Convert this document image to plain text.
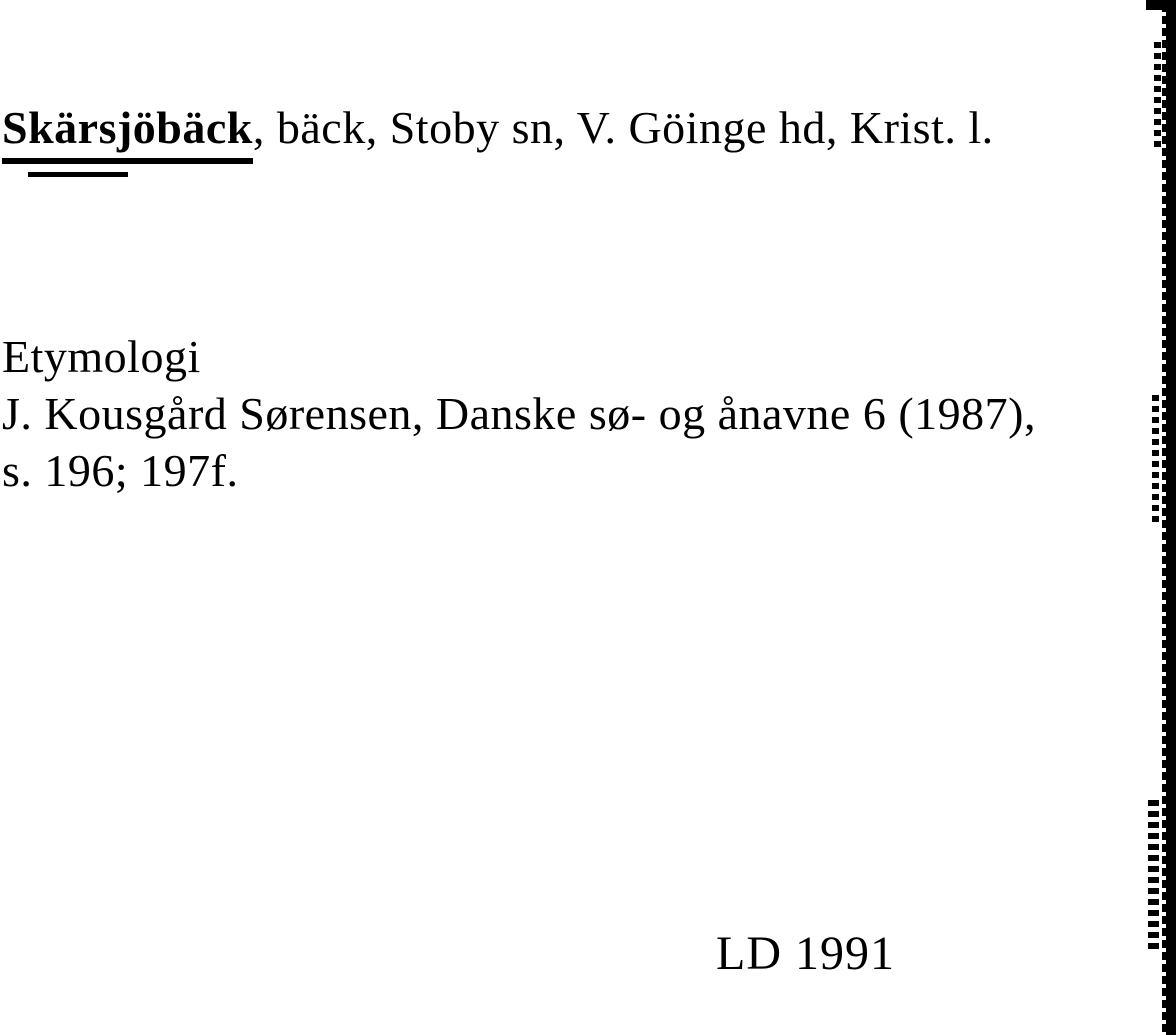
Skärsjöbäck, bäck, Stoby sn, V. Göinge hd, Krist. l.
Etymologi
J. Kousgård Sørensen, Danske sø- og ånavne 6 (1987),
s. 196; 197f.
LD 1991
